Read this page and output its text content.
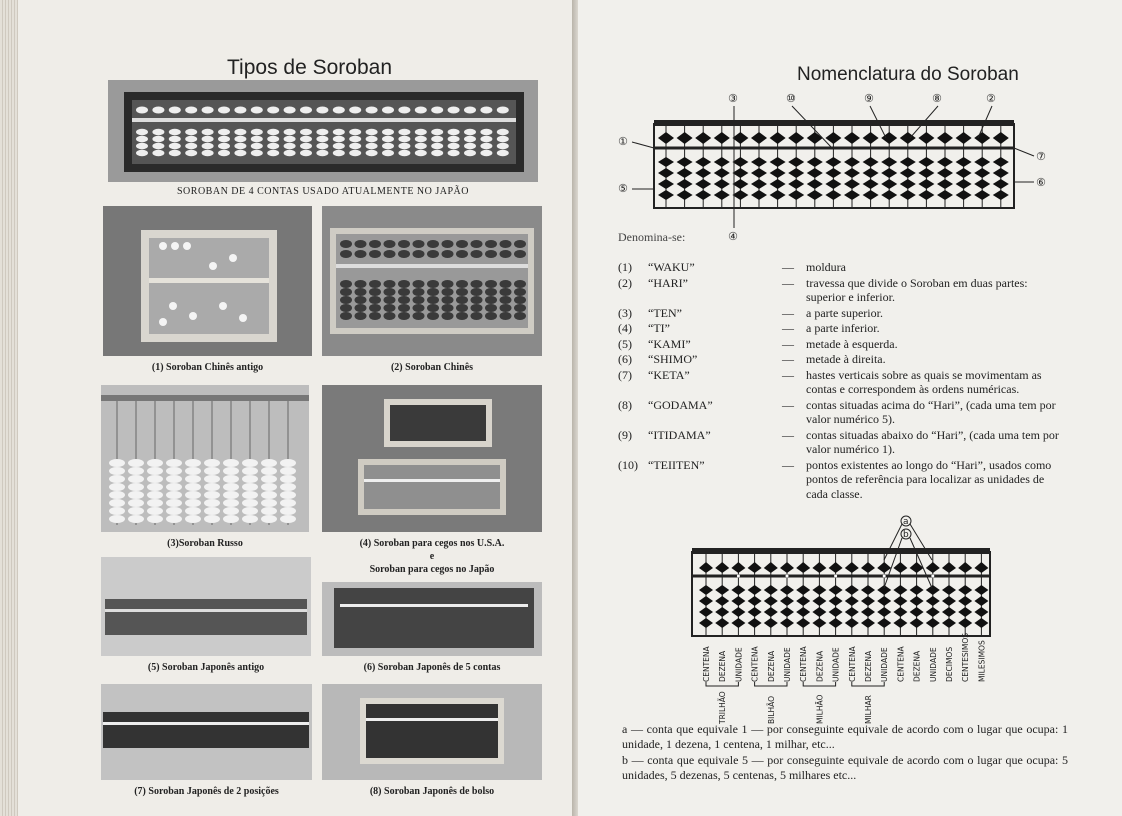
Tipos de Soroban
SOROBAN DE 4 CONTAS USADO ATUALMENTE NO JAPÃO
(1) Soroban Chinês antigo	(2) Soroban Chinês
(3)Soroban Russo	(4) Soroban para cegos nos U.S.A.
e
Soroban para cegos no Japão
(5) Soroban Japonês antigo	(6) Soroban Japonês de 5 contas
(7) Soroban Japonês de 2 posições	(8) Soroban Japonês de bolso
Nomenclatura do Soroban
①
②
③
④
⑤	⑥
⑦
⑧
⑨
⑩
Denomina-se:
(1)	“WAKU”	—	moldura
(2)	“HARI”	—	travessa que divide o Soroban em duas partes: superior e inferior.
(3)	“TEN”	—	a parte superior.
(4)	“TI”	—	a parte inferior.
(5)	“KAMI”	—	metade à esquerda.
(6)	“SHIMO”	—	metade à direita.
(7)	“KETA”	—	hastes verticais sobre as quais se movimentam as contas e correspondem às ordens numéricas.
(8)	“GODAMA”	—	contas situadas acima do “Hari”, (cada uma tem por valor numérico 5).
(9)	“ITIDAMA”	—	contas situadas abaixo do “Hari”, (cada uma tem por valor numérico 1).
(10) “TEIITEN”	—	pontos existentes ao longo do “Hari”, usados como pontos de referência para localizar as unidades de cada classe.
a
b
CENTENA DEZENA UNIDADE CENTENA DEZENA UNIDADE CENTENA DEZENA UNIDADE CENTENA DEZENA UNIDADE CENTENA DEZENA UNIDADE DECIMOS CENTESIMOS MILESIMOS
TRILHÃO	BILHÃO	MILHÃO	MILHAR
a — conta que equivale 1 — por conseguinte equivale de acordo com o lugar que ocupa: 1 unidade, 1 dezena, 1 centena, 1 milhar, etc...
b — conta que equivale 5 — por conseguinte equivale de acordo com o lugar que ocupa: 5 unidades, 5 dezenas, 5 centenas, 5 milhares etc...
